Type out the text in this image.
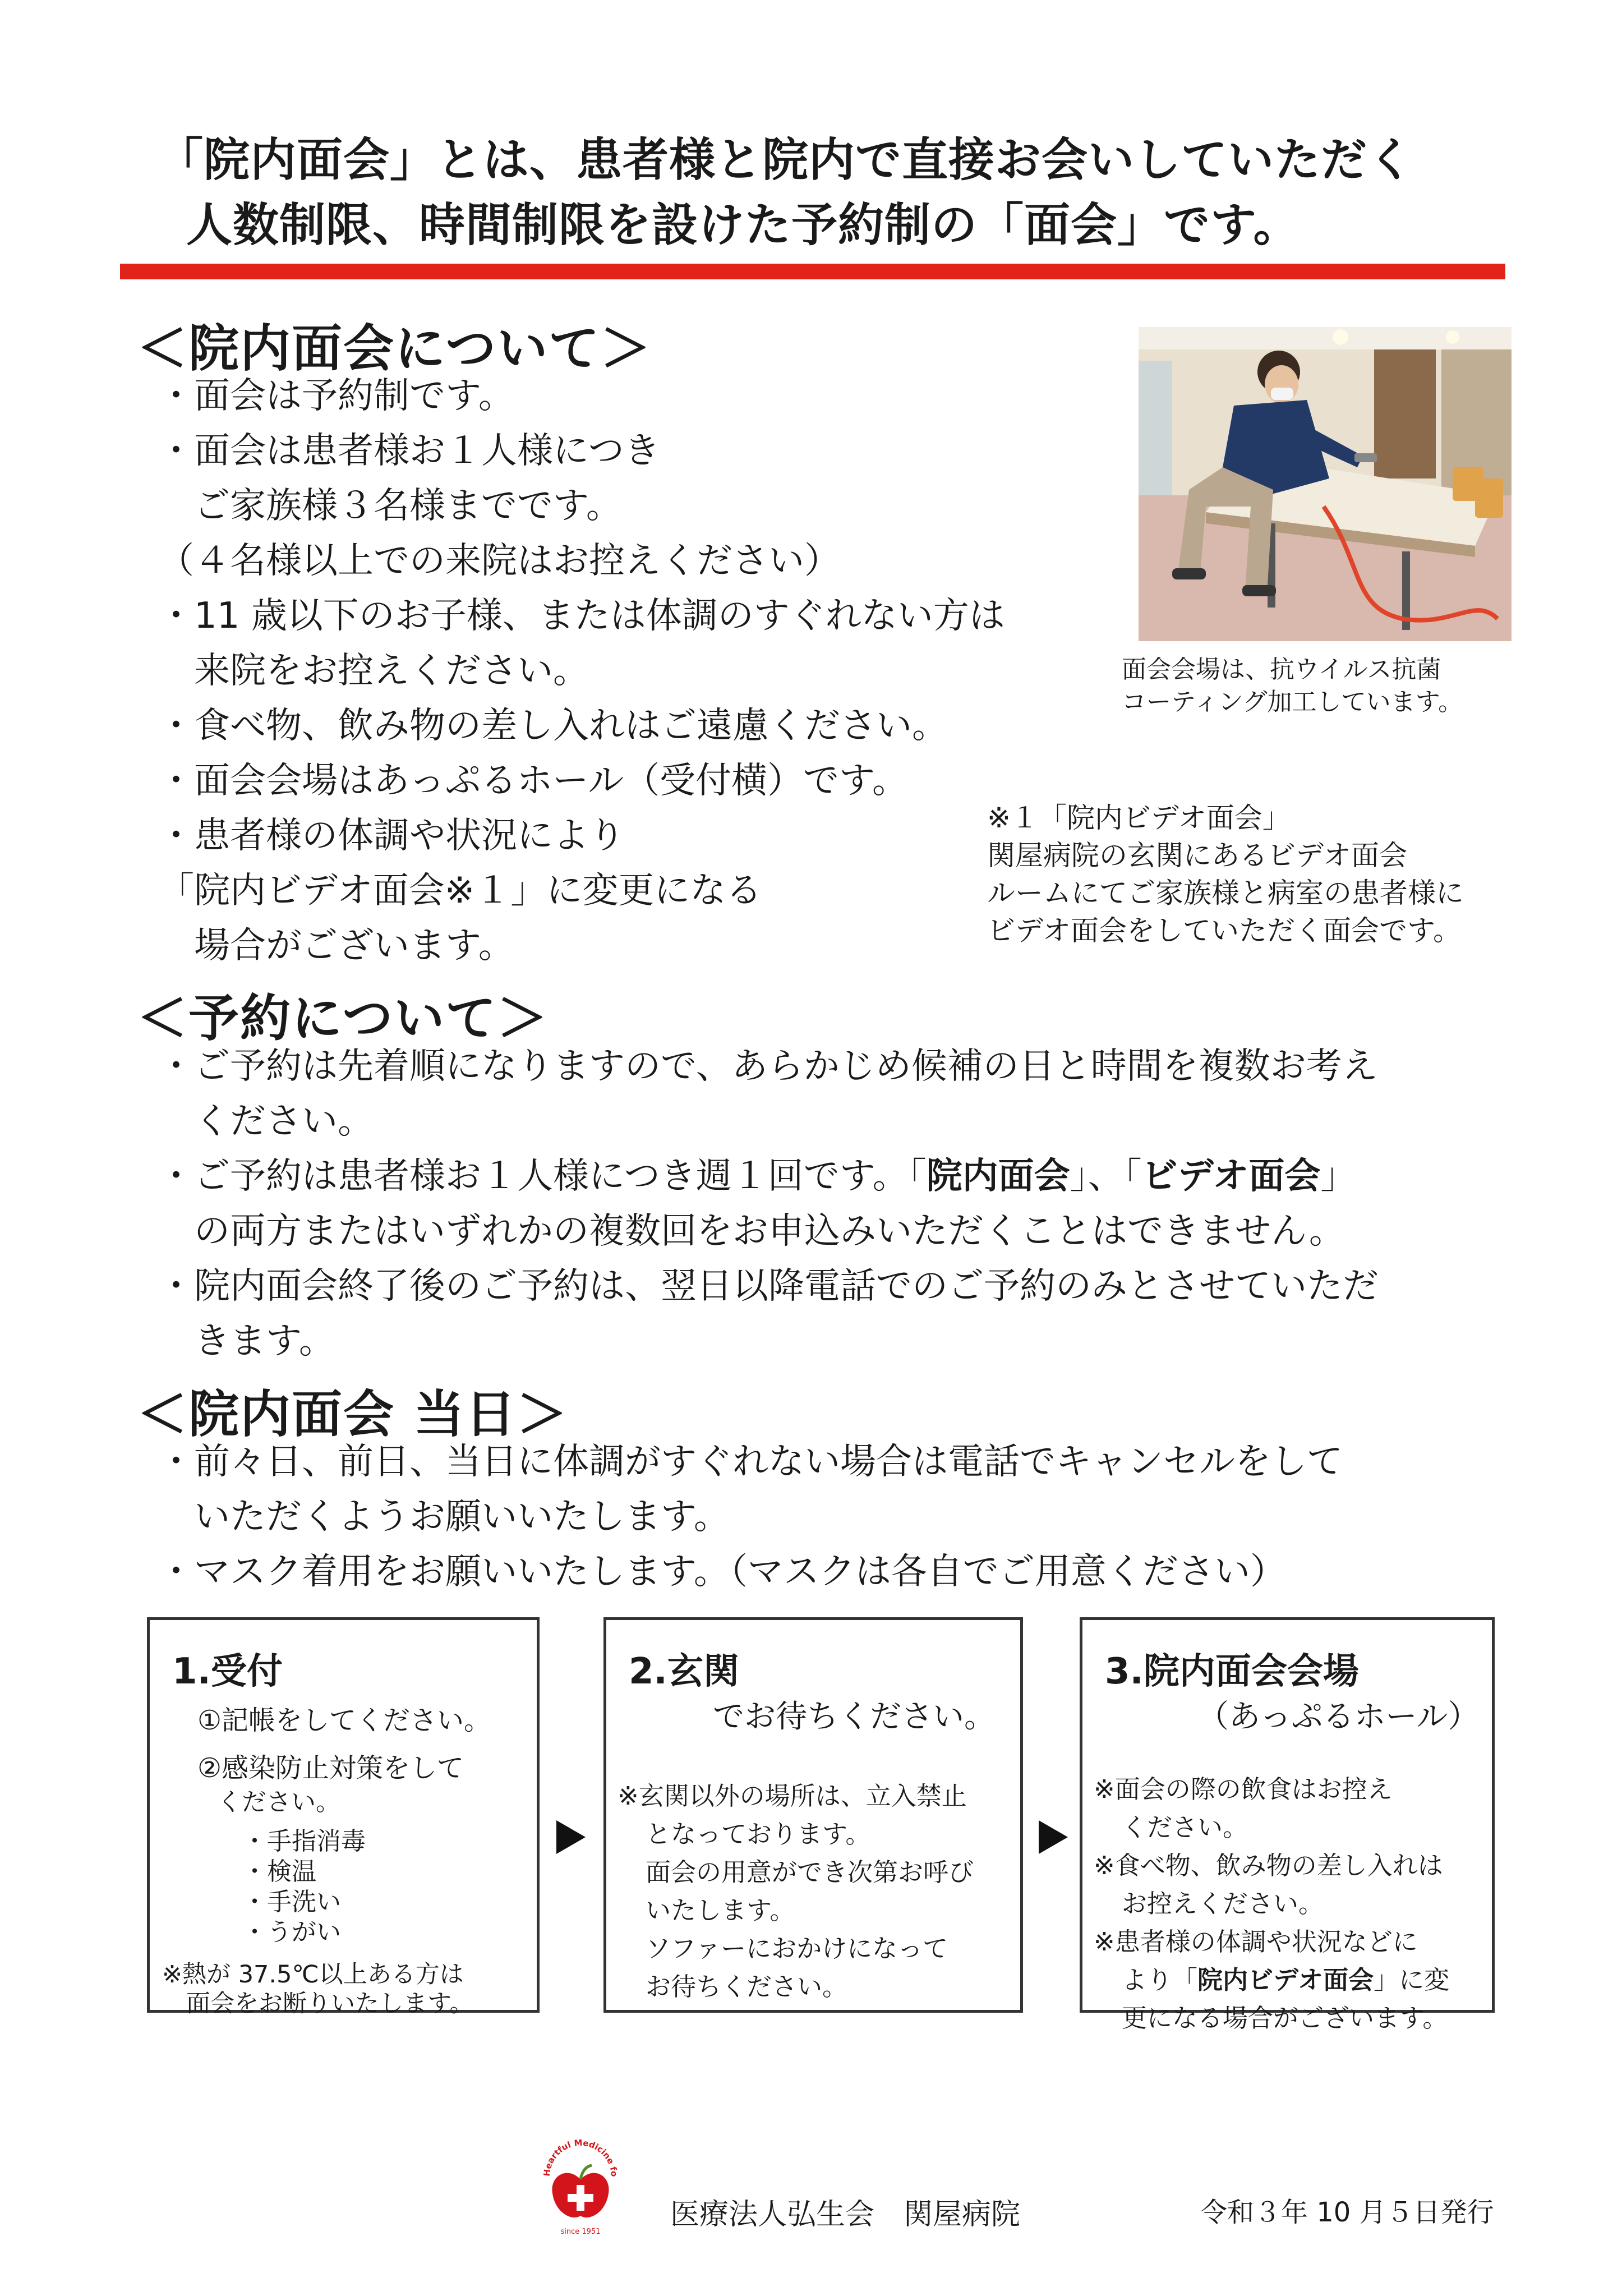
「院内面会」とは、患者様と院内で直接お会いしていただく
人数制限、時間制限を設けた予約制の「面会」です。
＜院内面会について＞
・面会は予約制です。
・面会は患者様お１人様につき
　ご家族様３名様までです。
（４名様以上での来院はお控えください）
・11 歳以下のお子様、または体調のすぐれない方は
　来院をお控えください。
・食べ物、飲み物の差し入れはご遠慮ください。
・面会会場はあっぷるホール（受付横）です。
・患者様の体調や状況により
「院内ビデオ面会※１」に変更になる
　場合がございます。
面会会場は、抗ウイルス抗菌
コーティング加工しています。
※１「院内ビデオ面会」
関屋病院の玄関にあるビデオ面会
ルームにてご家族様と病室の患者様に
ビデオ面会をしていただく面会です。
＜予約について＞
・ご予約は先着順になりますので、あらかじめ候補の日と時間を複数お考え
　ください。
・ご予約は患者様お１人様につき週１回です。「院内面会」、「ビデオ面会」
　の両方またはいずれかの複数回をお申込みいただくことはできません。
・院内面会終了後のご予約は、翌日以降電話でのご予約のみとさせていただ
　きます。
＜院内面会 当日＞
・前々日、前日、当日に体調がすぐれない場合は電話でキャンセルをして
　いただくようお願いいたします。
・マスク着用をお願いいたします。（マスクは各自でご用意ください）
1.受付
①記帳をしてください。
②感染防止対策をして
ください。
・手指消毒
・検温
・手洗い
・うがい
※熱が 37.5℃以上ある方は
面会をお断りいたします。
2.玄関
でお待ちください。
※玄関以外の場所は、立入禁止
となっております。
面会の用意ができ次第お呼び
いたします。
ソファーにおかけになって
お待ちください。
3.院内面会会場
（あっぷるホール）
※面会の際の飲食はお控え
ください。
※食べ物、飲み物の差し入れは
お控えください。
※患者様の体調や状況などに
より「院内ビデオ面会」に変
更になる場合がございます。
Heartful Medicine fo
since 1951
医療法人弘生会　関屋病院	令和３年 10 月５日発行
